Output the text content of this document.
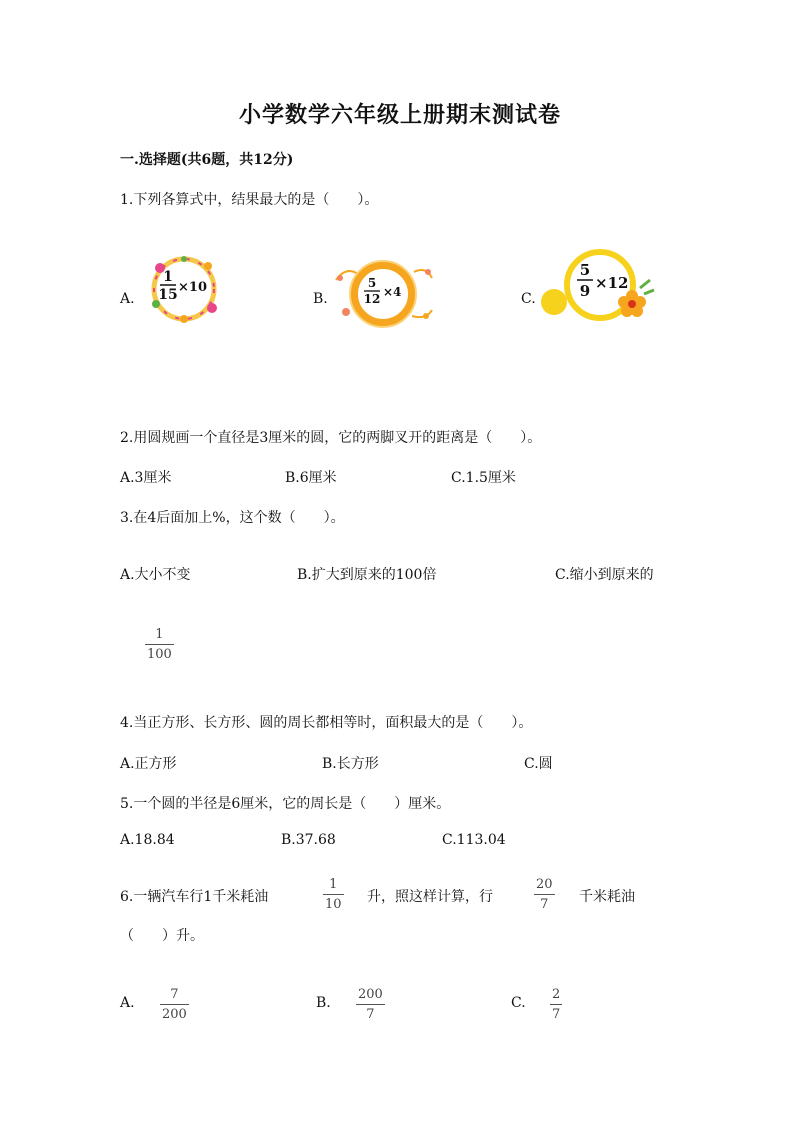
小学数学六年级上册期末测试卷
一.选择题(共6题，共12分)
1.下列各算式中，结果最大的是（　　）。
A.
1
15 ×10
B.
5
12 ×4	C.
5
9 ×12
2.用圆规画一个直径是3厘米的圆，它的两脚叉开的距离是（　　）。
A.3厘米	B.6厘米	C.1.5厘米
3.在4后面加上%，这个数（　　）。
A.大小不变	B.扩大到原来的100倍	C.缩小到原来的
1
100
4.当正方形、长方形、圆的周长都相等时，面积最大的是（　　）。
A.正方形	B.长方形	C.圆
5.一个圆的半径是6厘米，它的周长是（　　）厘米。
A.18.84	B.37.68	C.113.04
6.一辆汽车行1千米耗油
1
10 升，照这样计算，行
20
7 千米耗油
（　　）升。
A.
7
200
B.
200
7
C.
2
7
